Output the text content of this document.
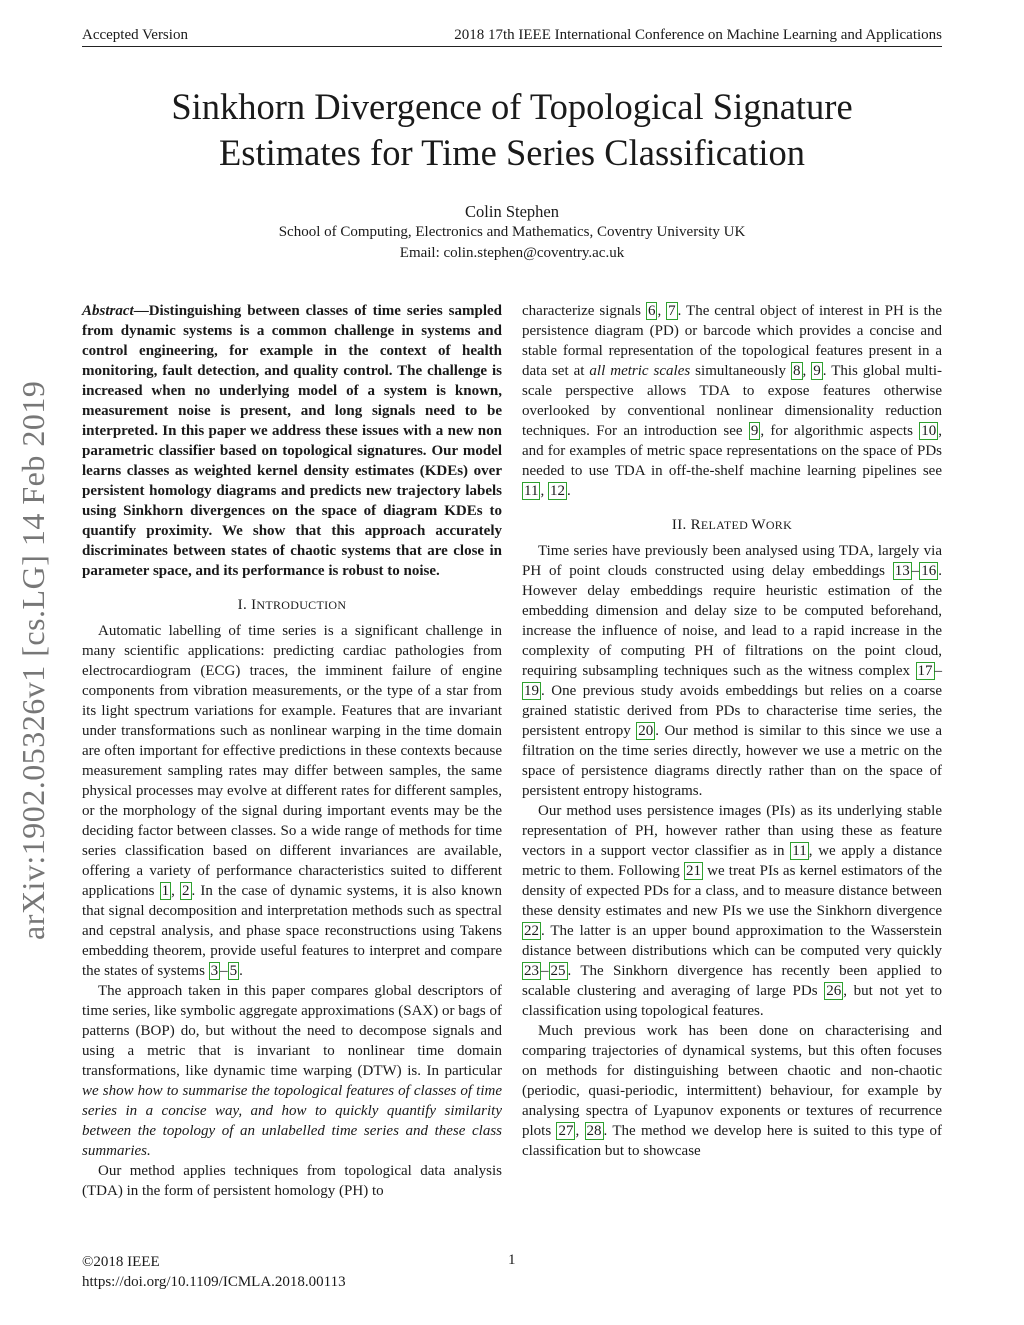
Accepted Version	2018 17th IEEE International Conference on Machine Learning and Applications
Sinkhorn Divergence of Topological Signature
Estimates for Time Series Classification
Colin Stephen
School of Computing, Electronics and Mathematics, Coventry University UK
Email: colin.stephen@coventry.ac.uk
arXiv:1902.05326v1 [cs.LG] 14 Feb 2019

Abstract—Distinguishing between classes of time series sampled from dynamic systems is a common challenge in systems and control engineering, for example in the context of health monitoring, fault detection, and quality control. The challenge is increased when no underlying model of a system is known, measurement noise is present, and long signals need to be interpreted. In this paper we address these issues with a new non parametric classifier based on topological signatures. Our model learns classes as weighted kernel density estimates (KDEs) over persistent homology diagrams and predicts new trajectory labels using Sinkhorn divergences on the space of diagram KDEs to quantify proximity. We show that this approach accurately discriminates between states of chaotic systems that are close in parameter space, and its performance is robust to noise.

I. INTRODUCTION

Automatic labelling of time series is a significant challenge in many scientific applications: predicting cardiac pathologies from electrocardiogram (ECG) traces, the imminent failure of engine components from vibration measurements, or the type of a star from its light spectrum variations for example. Features that are invariant under transformations such as nonlinear warping in the time domain are often important for effective predictions in these contexts because measurement sampling rates may differ between samples, the same physical processes may evolve at different rates for different samples, or the morphology of the signal during important events may be the deciding factor between classes. So a wide range of methods for time series classification based on different invariances are available, offering a variety of performance characteristics suited to different applications 1 , 2 . In the case of dynamic systems, it is also known that signal decomposition and interpretation methods such as spectral and cepstral analysis, and phase space reconstructions using Takens embedding theorem, provide useful features to interpret and compare the states of systems 3 – 5 .

The approach taken in this paper compares global descriptors of time series, like symbolic aggregate approximations (SAX) or bags of patterns (BOP) do, but without the need to decompose signals and using a metric that is invariant to nonlinear time domain transformations, like dynamic time warping (DTW) is. In particular we show how to summarise the topological features of classes of time series in a concise way, and how to quickly quantify similarity between the topology of an unlabelled time series and these class summaries.

Our method applies techniques from topological data analysis (TDA) in the form of persistent homology (PH) to

characterize signals 6 , 7 . The central object of interest in PH is the persistence diagram (PD) or barcode which provides a concise and stable formal representation of the topological features present in a data set at all metric scales simultaneously 8 , 9 . This global multi-scale perspective allows TDA to expose features otherwise overlooked by conventional nonlinear dimensionality reduction techniques. For an introduction see 9 , for algorithmic aspects 10 , and for examples of metric space representations on the space of PDs needed to use TDA in off-the-shelf machine learning pipelines see 11 , 12 .

II. RELATED WORK

Time series have previously been analysed using TDA, largely via PH of point clouds constructed using delay embeddings 13 – 16 . However delay embeddings require heuristic estimation of the embedding dimension and delay size to be computed beforehand, increase the influence of noise, and lead to a rapid increase in the complexity of computing PH of filtrations on the point cloud, requiring subsampling techniques such as the witness complex 17 –19 . One previous study avoids embeddings but relies on a coarse grained statistic derived from PDs to characterise time series, the persistent entropy 20 . Our method is similar to this since we use a filtration on the time series directly, however we use a metric on the space of persistence diagrams directly rather than on the space of persistent entropy histograms.

Our method uses persistence images (PIs) as its underlying stable representation of PH, however rather than using these as feature vectors in a support vector classifier as in 11 , we apply a distance metric to them. Following 21 we treat PIs as kernel estimators of the density of expected PDs for a class, and to measure distance between these density estimates and new PIs we use the Sinkhorn divergence 22 . The latter is an upper bound approximation to the Wasserstein distance between distributions which can be computed very quickly 23 – 25 . The Sinkhorn divergence has recently been applied to scalable clustering and averaging of large PDs 26 , but not yet to classification using topological features.

Much previous work has been done on characterising and comparing trajectories of dynamical systems, but this often focuses on methods for distinguishing between chaotic and non-chaotic (periodic, quasi-periodic, intermittent) behaviour, for example by analysing spectra of Lyapunov exponents or textures of recurrence plots 27 , 28 . The method we develop here is suited to this type of classification but to showcase

©2018 IEEE
https://doi.org/10.1109/ICMLA.2018.00113
1
